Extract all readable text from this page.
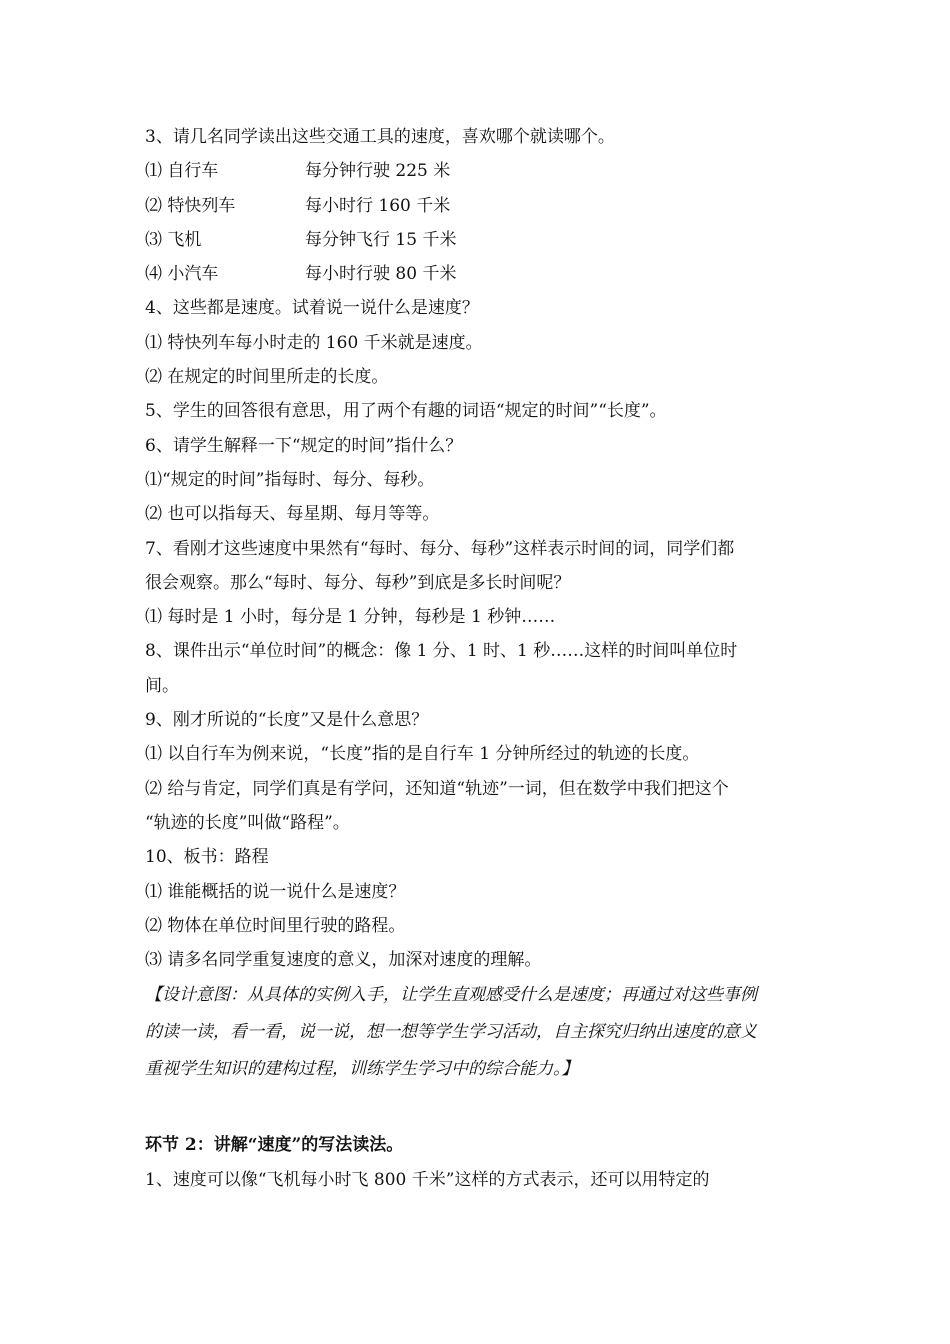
3、请几名同学读出这些交通工具的速度，喜欢哪个就读哪个。
⑴ 自行车	每分钟行驶 225 米
⑵ 特快列车	每小时行 160 千米
⑶ 飞机	每分钟飞行 15 千米
⑷ 小汽车	每小时行驶 80 千米
4、这些都是速度。试着说一说什么是速度？
⑴ 特快列车每小时走的 160 千米就是速度。
⑵ 在规定的时间里所走的长度。
5、学生的回答很有意思，用了两个有趣的词语“规定的时间”“长度”。
6、请学生解释一下“规定的时间”指什么？
⑴“规定的时间”指每时、每分、每秒。
⑵ 也可以指每天、每星期、每月等等。
7、看刚才这些速度中果然有“每时、每分、每秒”这样表示时间的词，同学们都
很会观察。那么“每时、每分、每秒”到底是多长时间呢？
⑴ 每时是 1 小时，每分是 1 分钟，每秒是 1 秒钟……
8、课件出示“单位时间”的概念：像 1 分、1 时、1 秒……这样的时间叫单位时
间。
9、刚才所说的“长度”又是什么意思？
⑴ 以自行车为例来说，“长度”指的是自行车 1 分钟所经过的轨迹的长度。
⑵ 给与肯定，同学们真是有学问，还知道“轨迹”一词，但在数学中我们把这个
“轨迹的长度”叫做“路程”。
10、板书：路程
⑴ 谁能概括的说一说什么是速度？
⑵ 物体在单位时间里行驶的路程。
⑶ 请多名同学重复速度的意义，加深对速度的理解。
【设计意图：从具体的实例入手，让学生直观感受什么是速度；再通过对这些事例
的读一读，看一看，说一说，想一想等学生学习活动，自主探究归纳出速度的意义
重视学生知识的建构过程，训练学生学习中的综合能力。】
环节 2：讲解“速度”的写法读法。
1、速度可以像“飞机每小时飞 800 千米”这样的方式表示，还可以用特定的
